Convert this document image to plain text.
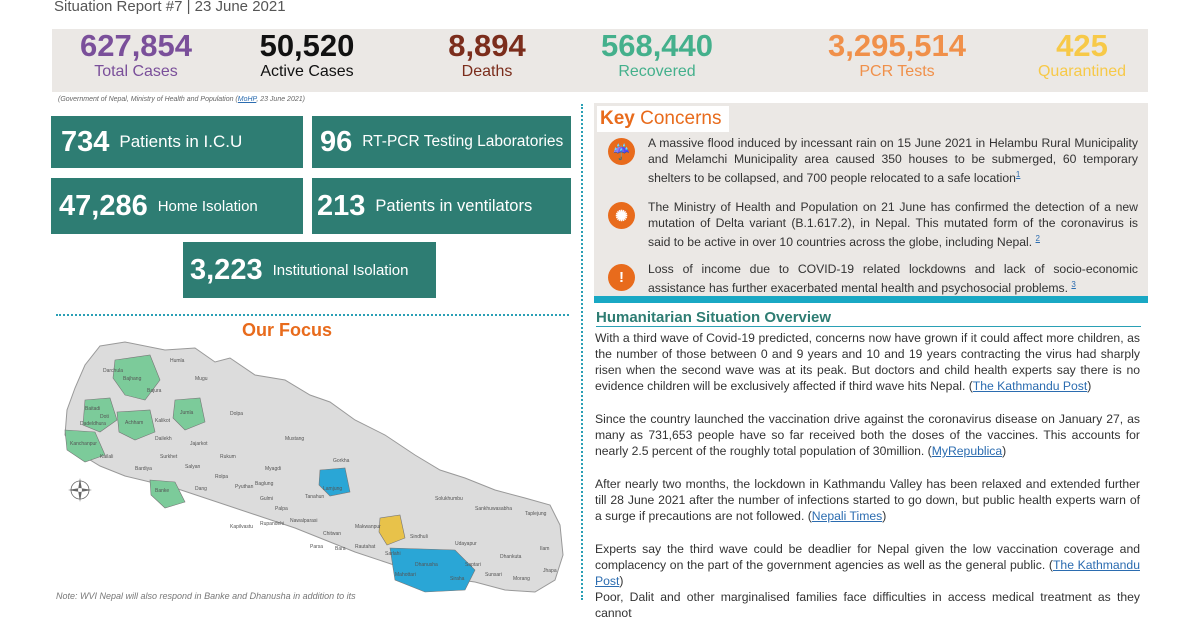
Situation Report #7 | 23 June 2021
627,854
Total Cases
50,520
Active Cases
8,894
Deaths
568,440
Recovered
3,295,514
PCR Tests
425
Quarantined
(Government of Nepal, Ministry of Health and Population (MoHP, 23 June 2021)
734 Patients in I.C.U	96 RT-PCR Testing Laboratories
47,286 Home Isolation 213 Patients in ventilators
3,223 Institutional Isolation
Our Focus
Humla
Darchula
Bajhang
Bajura
Mugu
Baitadi
Doti
Achham Kalikot
Jumla	Dolpa
Dailekh
Jajarkot
Surkhet
Salyan
Rukum
Bardiya
Banke	Dang
Rolpa
Pyuthan
Mustang
Myagdi
Baglung
Gulmi
Palpa
Kapilvastu Rupandehi Nawalparasi
Tanahun
Gorkha
Lamjung
Chitwan
Makwanpur
Sindhuli
Solukhumbu
Sankhuwasabha
Taplejung
Ilam
Jhapa
Morang
Sunsari
Dhankuta
Udayapur
Siraha
Saptari
Dhanusha
Mahottari
Sarlahi
Rautahat
Bara
Parsa
Kanchanpur
Kailali
Dadeldhura
Note: WVI Nepal will also respond in Banke and Dhanusha in addition to its
Key Concerns
☔

A massive flood induced by incessant rain on 15 June 2021 in Helambu Rural Municipality and Melamchi Municipality area caused 350 houses to be submerged, 60 temporary shelters to be collapsed, and 700 people relocated to a safe location$^1$

✺

The Ministry of Health and Population on 21 June has confirmed the detection of a new mutation of Delta variant (B.1.617.2), in Nepal. This mutated form of the coronavirus is said to be active in over 10 countries across the globe, including Nepal. $^2$

!	Loss of income due to COVID-19 related lockdowns and lack of socio-economic assistance has further exacerbated mental health and psychosocial problems. $^3$

Humanitarian Situation Overview

With a third wave of Covid-19 predicted, concerns now have grown if it could affect more children, as the number of those between 0 and 9 years and 10 and 19 years contracting the virus had sharply risen when the second wave was at its peak. But doctors and child health experts say there is no evidence children will be exclusively affected if third wave hits Nepal. (The Kathmandu Post)

Since the country launched the vaccination drive against the coronavirus disease on January 27, as many as 731,653 people have so far received both the doses of the vaccines. This accounts for nearly 2.5 percent of the roughly total population of 30million. (MyRepublica)

After nearly two months, the lockdown in Kathmandu Valley has been relaxed and extended further till 28 June 2021 after the number of infections started to go down, but public health experts warn of a surge if precautions are not followed. (Nepali Times)

Experts say the third wave could be deadlier for Nepal given the low vaccination coverage and complacency on the part of the government agencies as well as the general public. (The Kathmandu Post)

Poor, Dalit and other marginalised families face difficulties in access medical treatment as they cannot
